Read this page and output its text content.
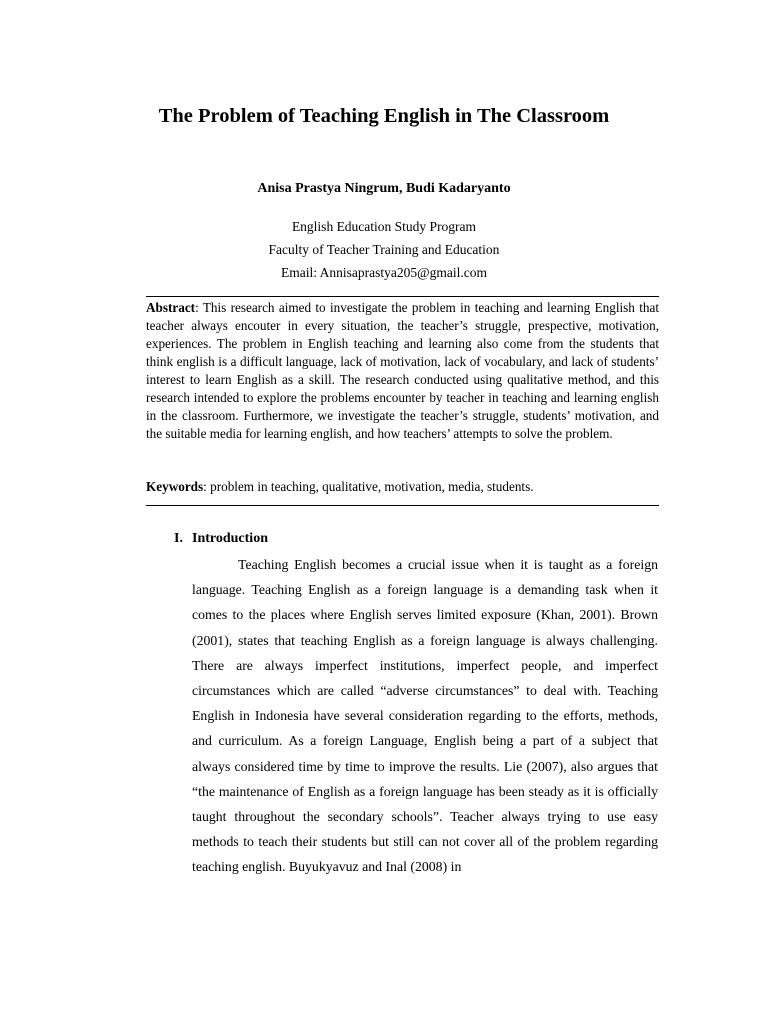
The Problem of Teaching English in The Classroom
Anisa Prastya Ningrum, Budi Kadaryanto
English Education Study Program
Faculty of Teacher Training and Education
Email: Annisaprastya205@gmail.com
Abstract: This research aimed to investigate the problem in teaching and learning English that teacher always encouter in every situation, the teacher’s struggle, prespective, motivation, experiences. The problem in English teaching and learning also come from the students that think english is a difficult language, lack of motivation, lack of vocabulary, and lack of students’ interest to learn English as a skill. The research conducted using qualitative method, and this research intended to explore the problems encounter by teacher in teaching and learning english in the classroom. Furthermore, we investigate the teacher’s struggle, students’ motivation, and the suitable media for learning english, and how teachers’ attempts to solve the problem.
Keywords: problem in teaching, qualitative, motivation, media, students.
I. Introduction
Teaching English becomes a crucial issue when it is taught as a foreign language. Teaching English as a foreign language is a demanding task when it comes to the places where English serves limited exposure (Khan, 2001). Brown (2001), states that teaching English as a foreign language is always challenging. There are always imperfect institutions, imperfect people, and imperfect circumstances which are called “adverse circumstances” to deal with. Teaching English in Indonesia have several consideration regarding to the efforts, methods, and curriculum. As a foreign Language, English being a part of a subject that always considered time by time to improve the results. Lie (2007), also argues that “the maintenance of English as a foreign language has been steady as it is officially taught throughout the secondary schools”. Teacher always trying to use easy methods to teach their students but still can not cover all of the problem regarding teaching english. Buyukyavuz and Inal (2008) in
